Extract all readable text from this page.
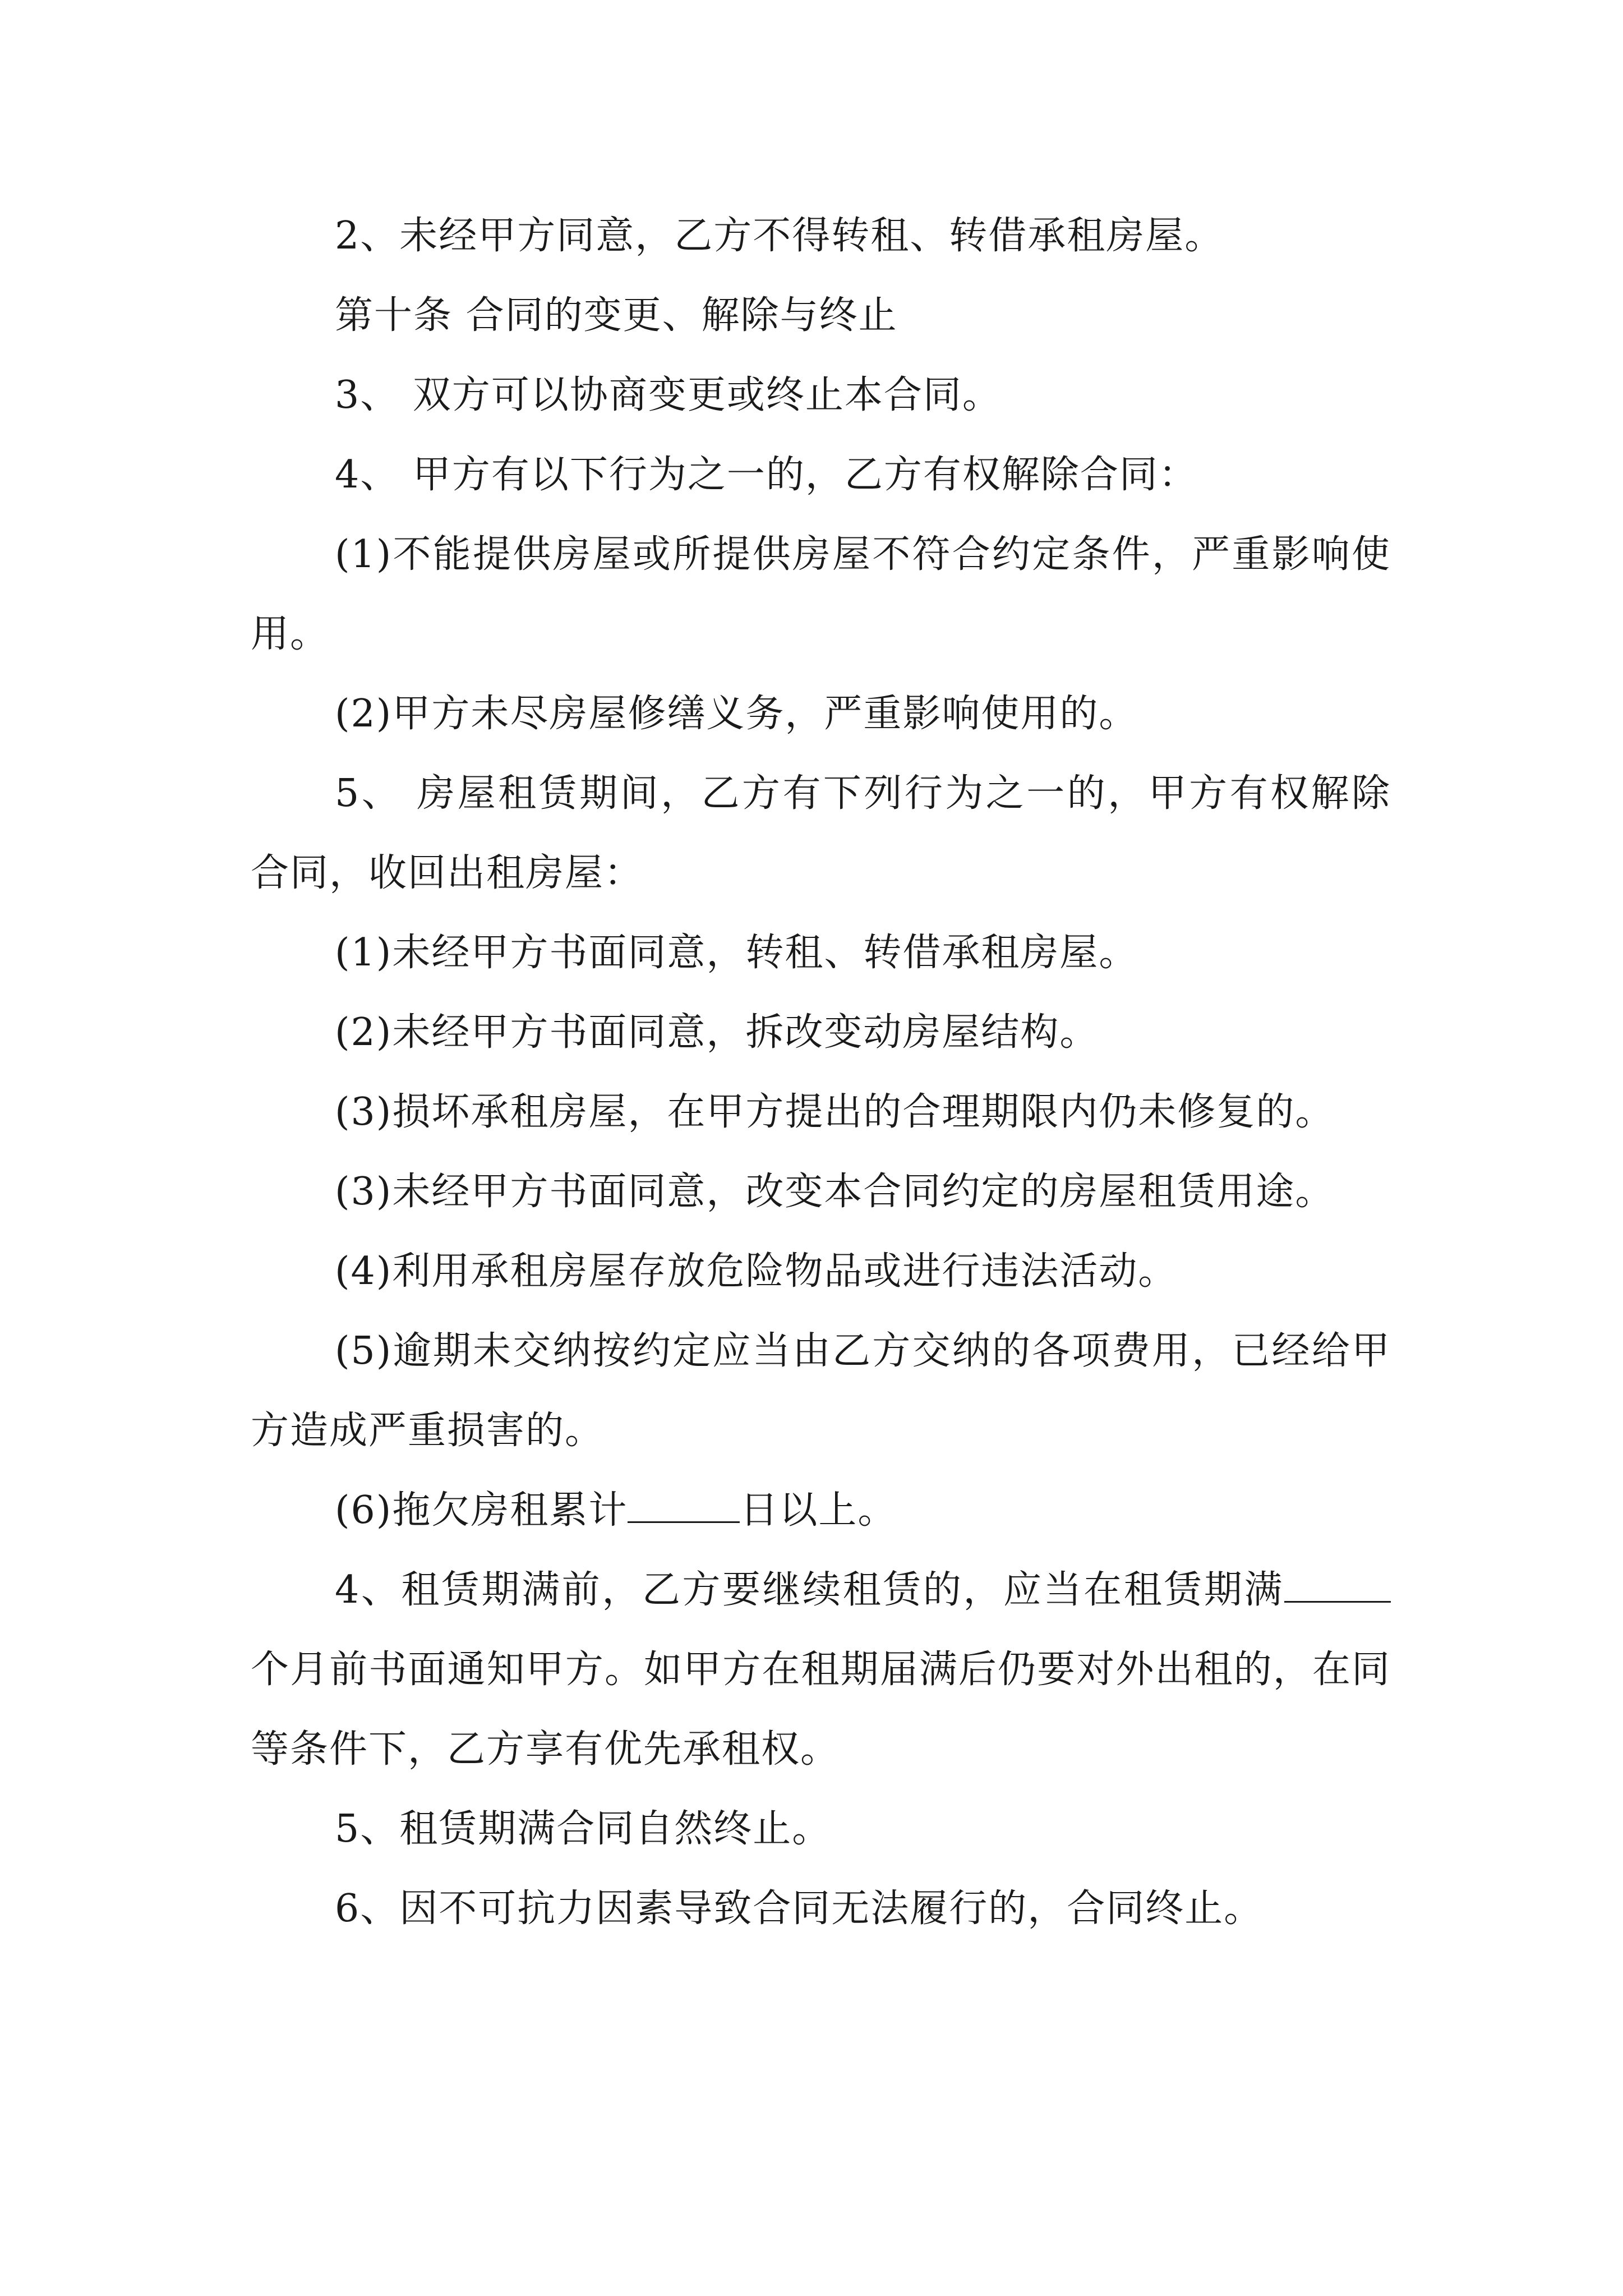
2、未经甲方同意，乙方不得转租、转借承租房屋。

第十条 合同的变更、解除与终止

3、 双方可以协商变更或终止本合同。

4、 甲方有以下行为之一的，乙方有权解除合同：

(1)不能提供房屋或所提供房屋不符合约定条件，严重影响使用。

(2)甲方未尽房屋修缮义务，严重影响使用的。

5、 房屋租赁期间，乙方有下列行为之一的，甲方有权解除合同，收回出租房屋：

(1)未经甲方书面同意，转租、转借承租房屋。

(2)未经甲方书面同意，拆改变动房屋结构。

(3)损坏承租房屋，在甲方提出的合理期限内仍未修复的。

(3)未经甲方书面同意，改变本合同约定的房屋租赁用途。

(4)利用承租房屋存放危险物品或进行违法活动。

(5)逾期未交纳按约定应当由乙方交纳的各项费用，已经给甲方造成严重损害的。

(6)拖欠房租累计	日以上。

4、租赁期满前，乙方要继续租赁的，应当在租赁期满个月前书面通知甲方。如甲方在租期届满后仍要对外出租的，在同等条件下，乙方享有优先承租权。

5、租赁期满合同自然终止。

6、因不可抗力因素导致合同无法履行的，合同终止。
